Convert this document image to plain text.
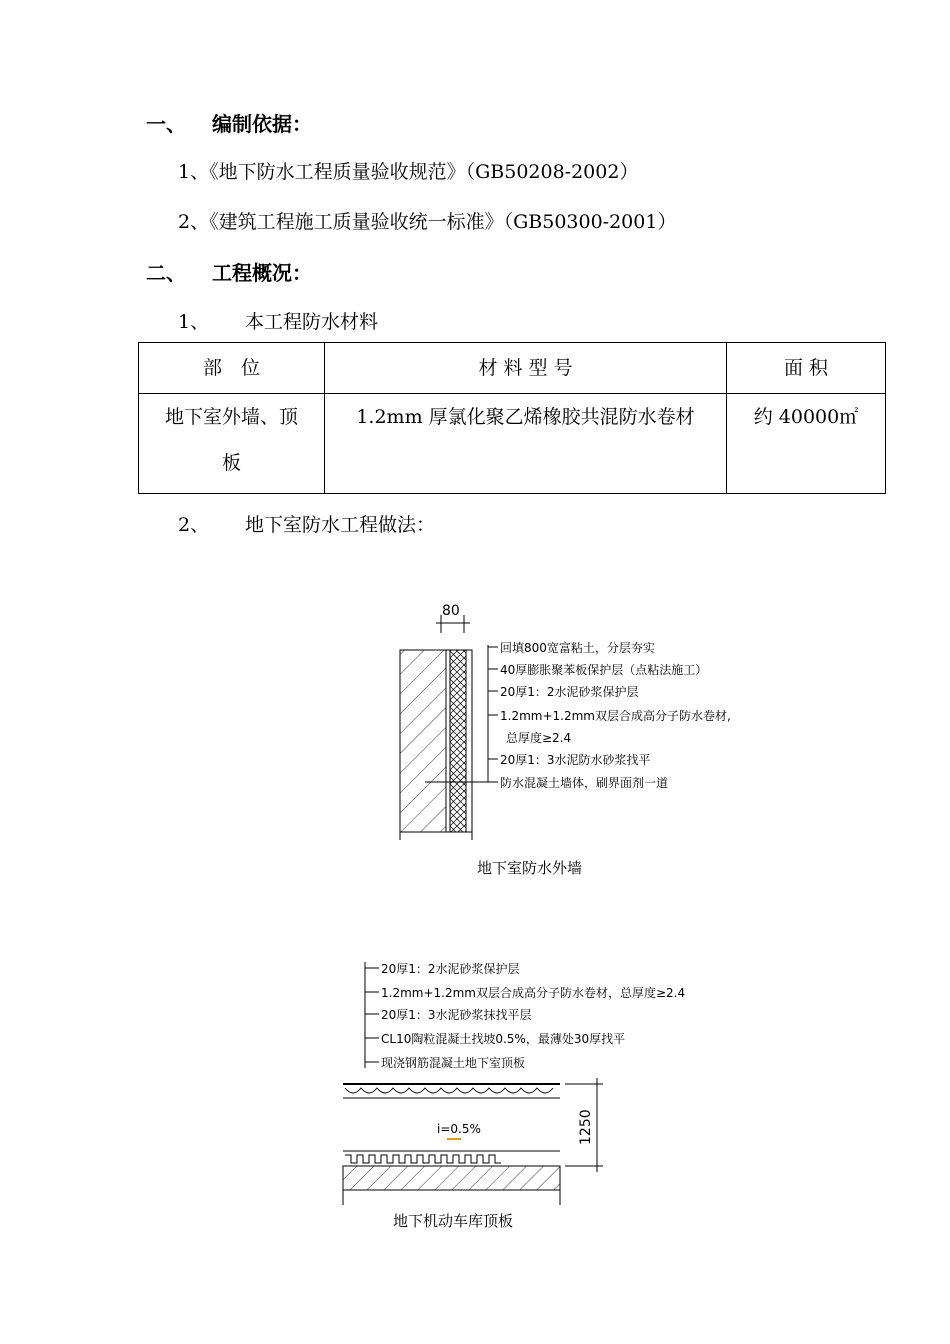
一、 编制依据：
1、《地下防水工程质量验收规范》（GB50208-2002）
2、《建筑工程施工质量验收统一标准》（GB50300-2001）
二、 工程概况：
1、 本工程防水材料
部　位	材 料 型 号	面 积

地下室外墙、顶
板	1.2mm 厚氯化聚乙烯橡胶共混防水卷材	约 40000㎡
2、 地下室防水工程做法：
80
回填800宽富粘土，分层夯实
40厚膨胀聚苯板保护层（点粘法施工）
20厚1：2水泥砂浆保护层
1.2mm+1.2mm双层合成高分子防水卷材,
总厚度≥2.4
20厚1：3水泥防水砂浆找平
防水混凝土墙体，刷界面剂一道
地下室防水外墙
20厚1：2水泥砂浆保护层
1.2mm+1.2mm双层合成高分子防水卷材，总厚度≥2.4
20厚1：3水泥砂浆抹找平层
CL10陶粒混凝土找坡0.5%，最薄处30厚找平
现浇钢筋混凝土地下室顶板
i=0.5%	1250
地下机动车库顶板
